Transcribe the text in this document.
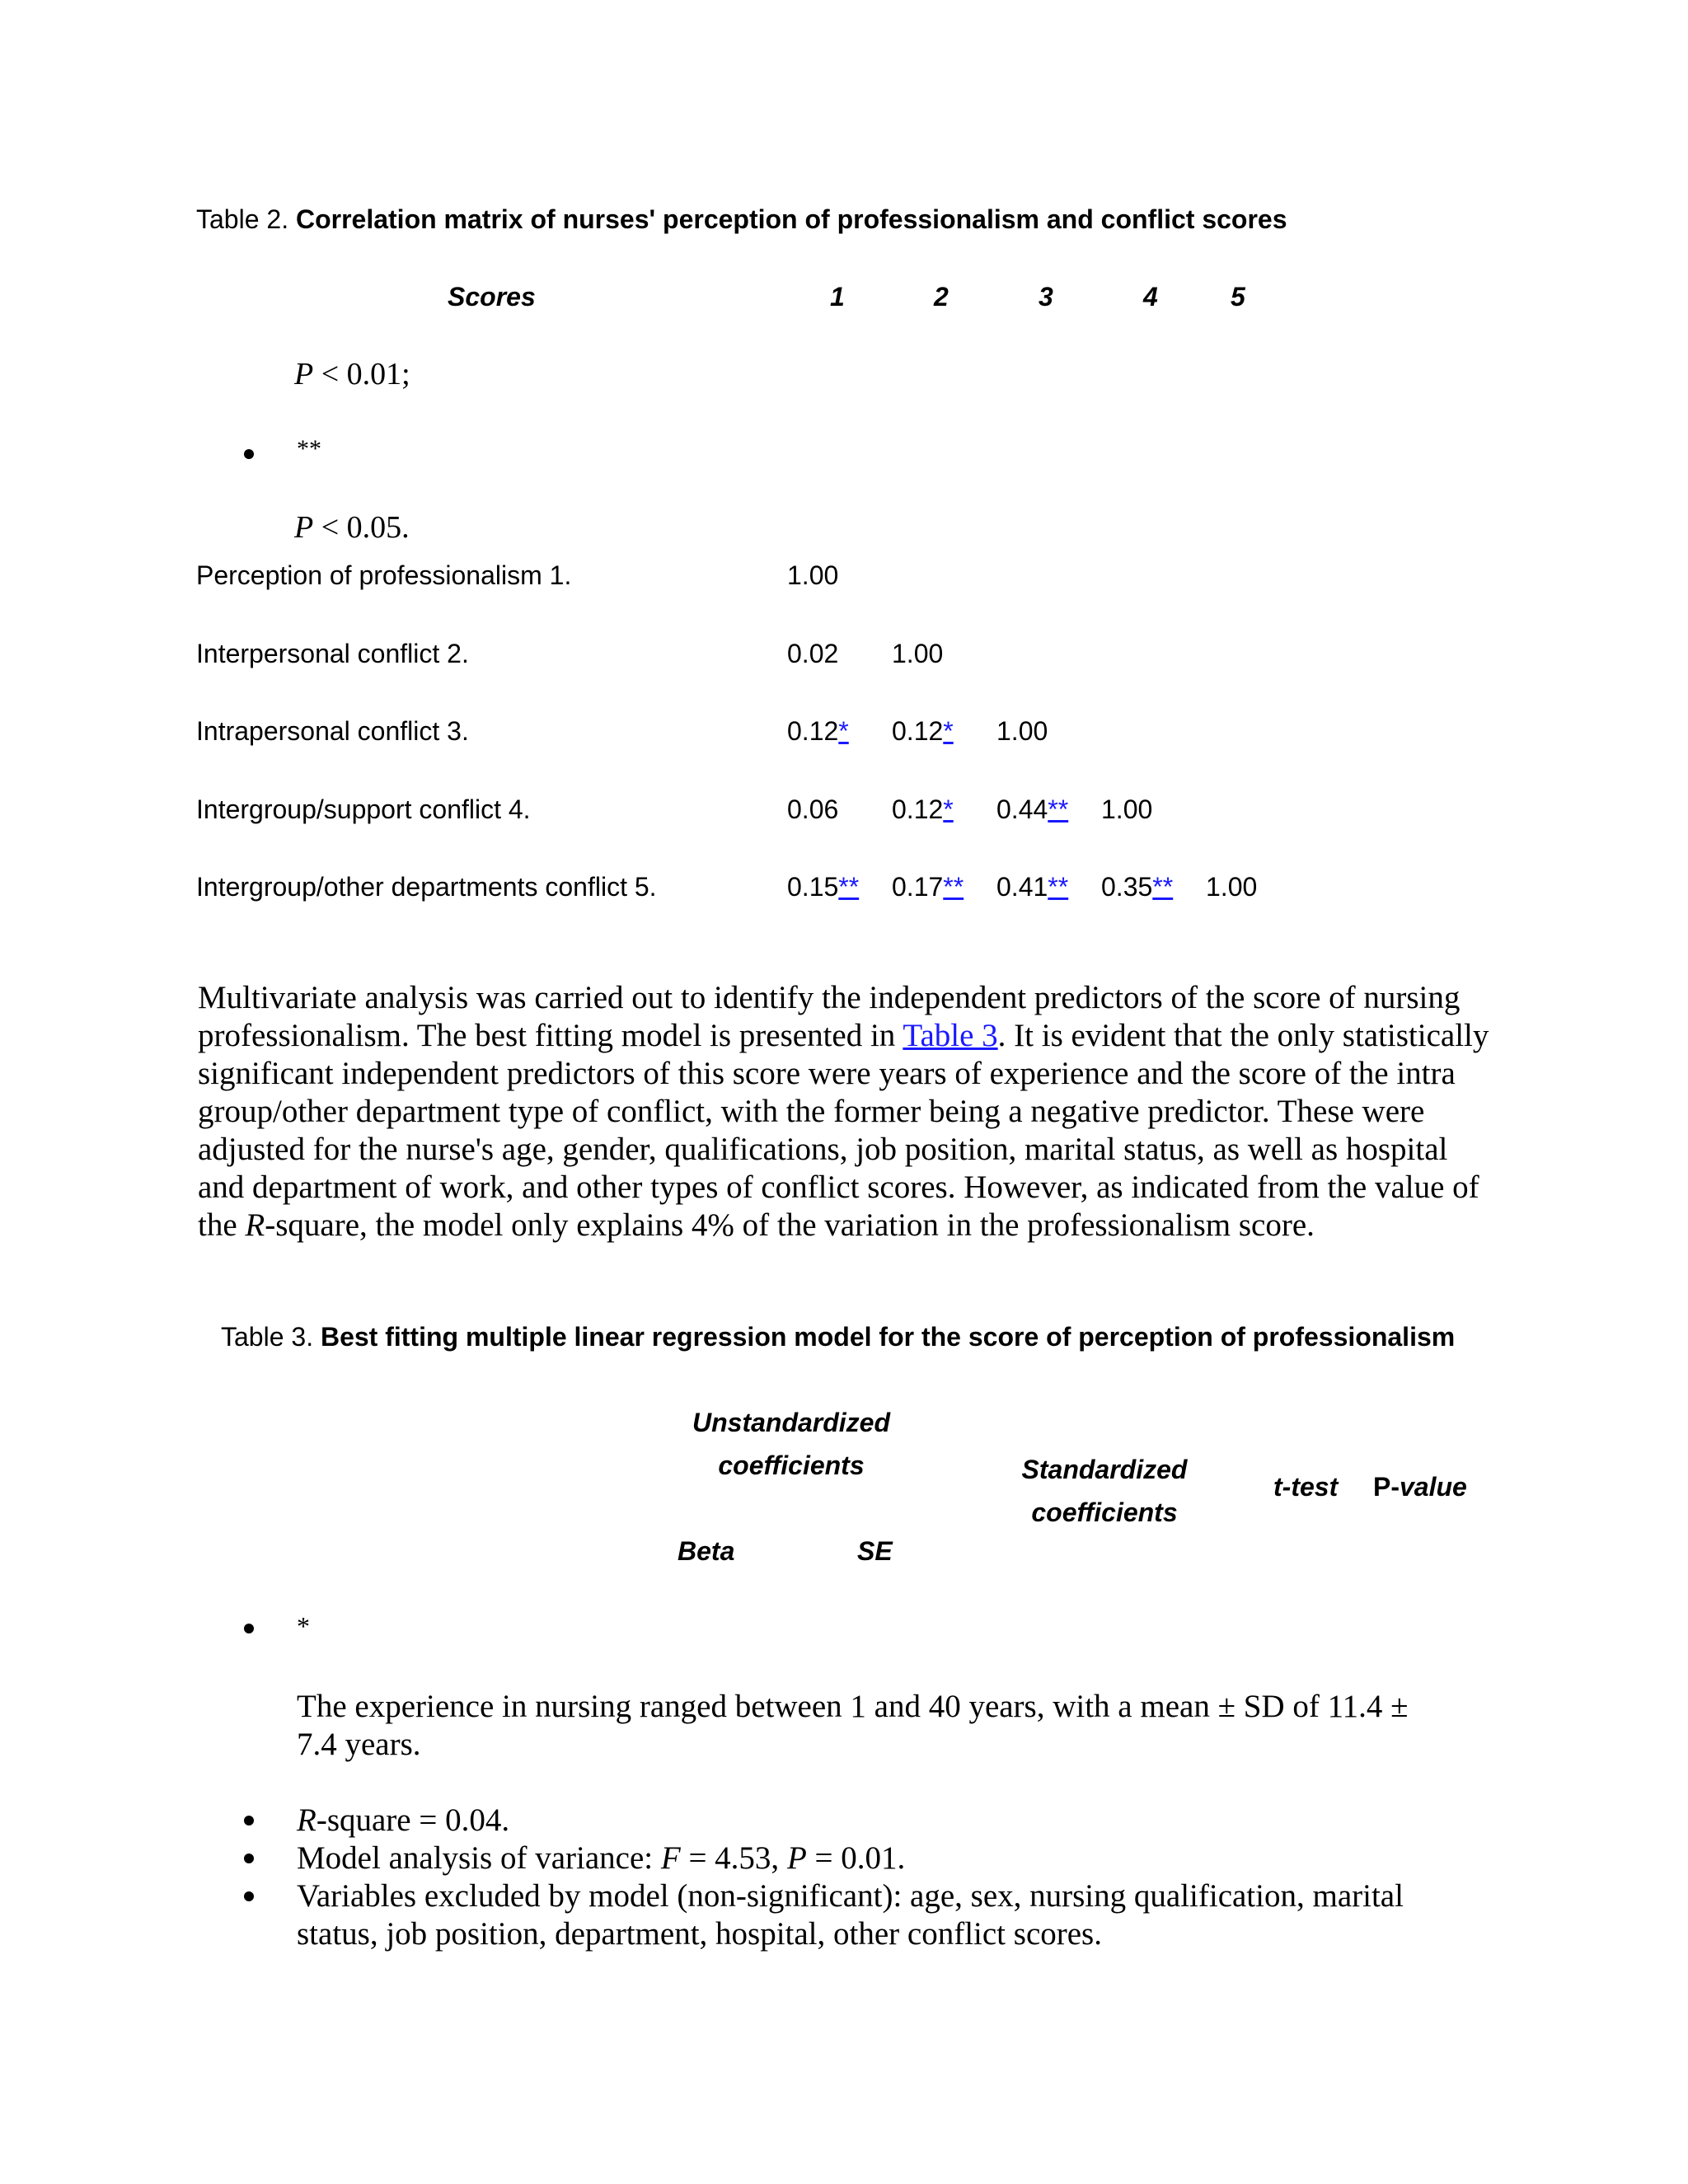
Table 2. Correlation matrix of nurses' perception of professionalism and conflict scores
Scores	1	2	3	4	5
P < 0.01;
**
P < 0.05.
Perception of professionalism 1.	1.00
Interpersonal conflict 2.	0.02 1.00
Intrapersonal conflict 3.	0.12* 0.12* 1.00
Intergroup/support conflict 4.	0.06 0.12* 0.44** 1.00
Intergroup/other departments conflict 5.	0.15** 0.17** 0.41** 0.35** 1.00
Multivariate analysis was carried out to identify the independent predictors of the score of nursing professionalism. The best fitting model is presented in Table 3. It is evident that the only statistically significant independent predictors of this score were years of experience and the score of the intra group/other department type of conflict, with the former being a negative predictor. These were adjusted for the nurse's age, gender, qualifications, job position, marital status, as well as hospital and department of work, and other types of conflict scores. However, as indicated from the value of the R-square, the model only explains 4% of the variation in the professionalism score.
Table 3. Best fitting multiple linear regression model for the score of perception of professionalism
Unstandardized
coefficients	Standardized
coefficients
t-test P-value
Beta	SE
*
The experience in nursing ranged between 1 and 40 years, with a mean ± SD of 11.4 ± 7.4 years.
R-square = 0.04.
Model analysis of variance: F = 4.53, P = 0.01.
Variables excluded by model (non-significant): age, sex, nursing qualification, marital status, job position, department, hospital, other conflict scores.
